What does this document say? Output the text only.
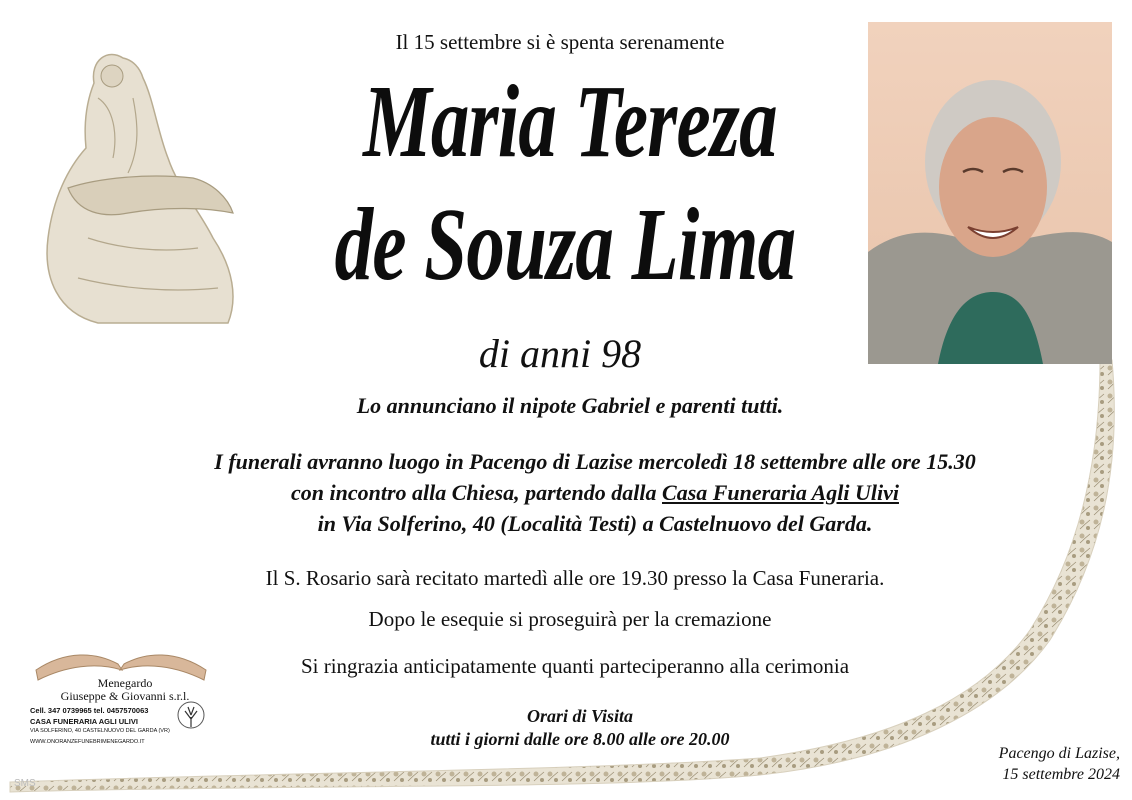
Il 15 settembre si è spenta serenamente
Maria Tereza
de Souza Lima
di anni 98
Lo annunciano il nipote Gabriel e parenti tutti.
I funerali avranno luogo in Pacengo di Lazise mercoledì 18 settembre alle ore 15.30
con incontro alla Chiesa, partendo dalla Casa Funeraria Agli Ulivi
in Via Solferino, 40 (Località Testi) a Castelnuovo del Garda.
Il S. Rosario sarà recitato martedì alle ore 19.30 presso la Casa Funeraria.
Dopo le esequie si proseguirà per la cremazione
Si ringrazia anticipatamente quanti parteciperanno alla cerimonia
Orari di Visita
tutti i giorni dalle ore 8.00 alle ore 20.00
Pacengo di Lazise,
15 settembre 2024
Menegardo
Giuseppe & Giovanni s.r.l.
Cell. 347 0739965 tel. 0457570063
CASA FUNERARIA AGLI ULIVI
VIA SOLFERINO, 40 CASTELNUOVO DEL GARDA (VR)
WWW.ONORANZEFUNEBRIMENEGARDO.IT
SMS
